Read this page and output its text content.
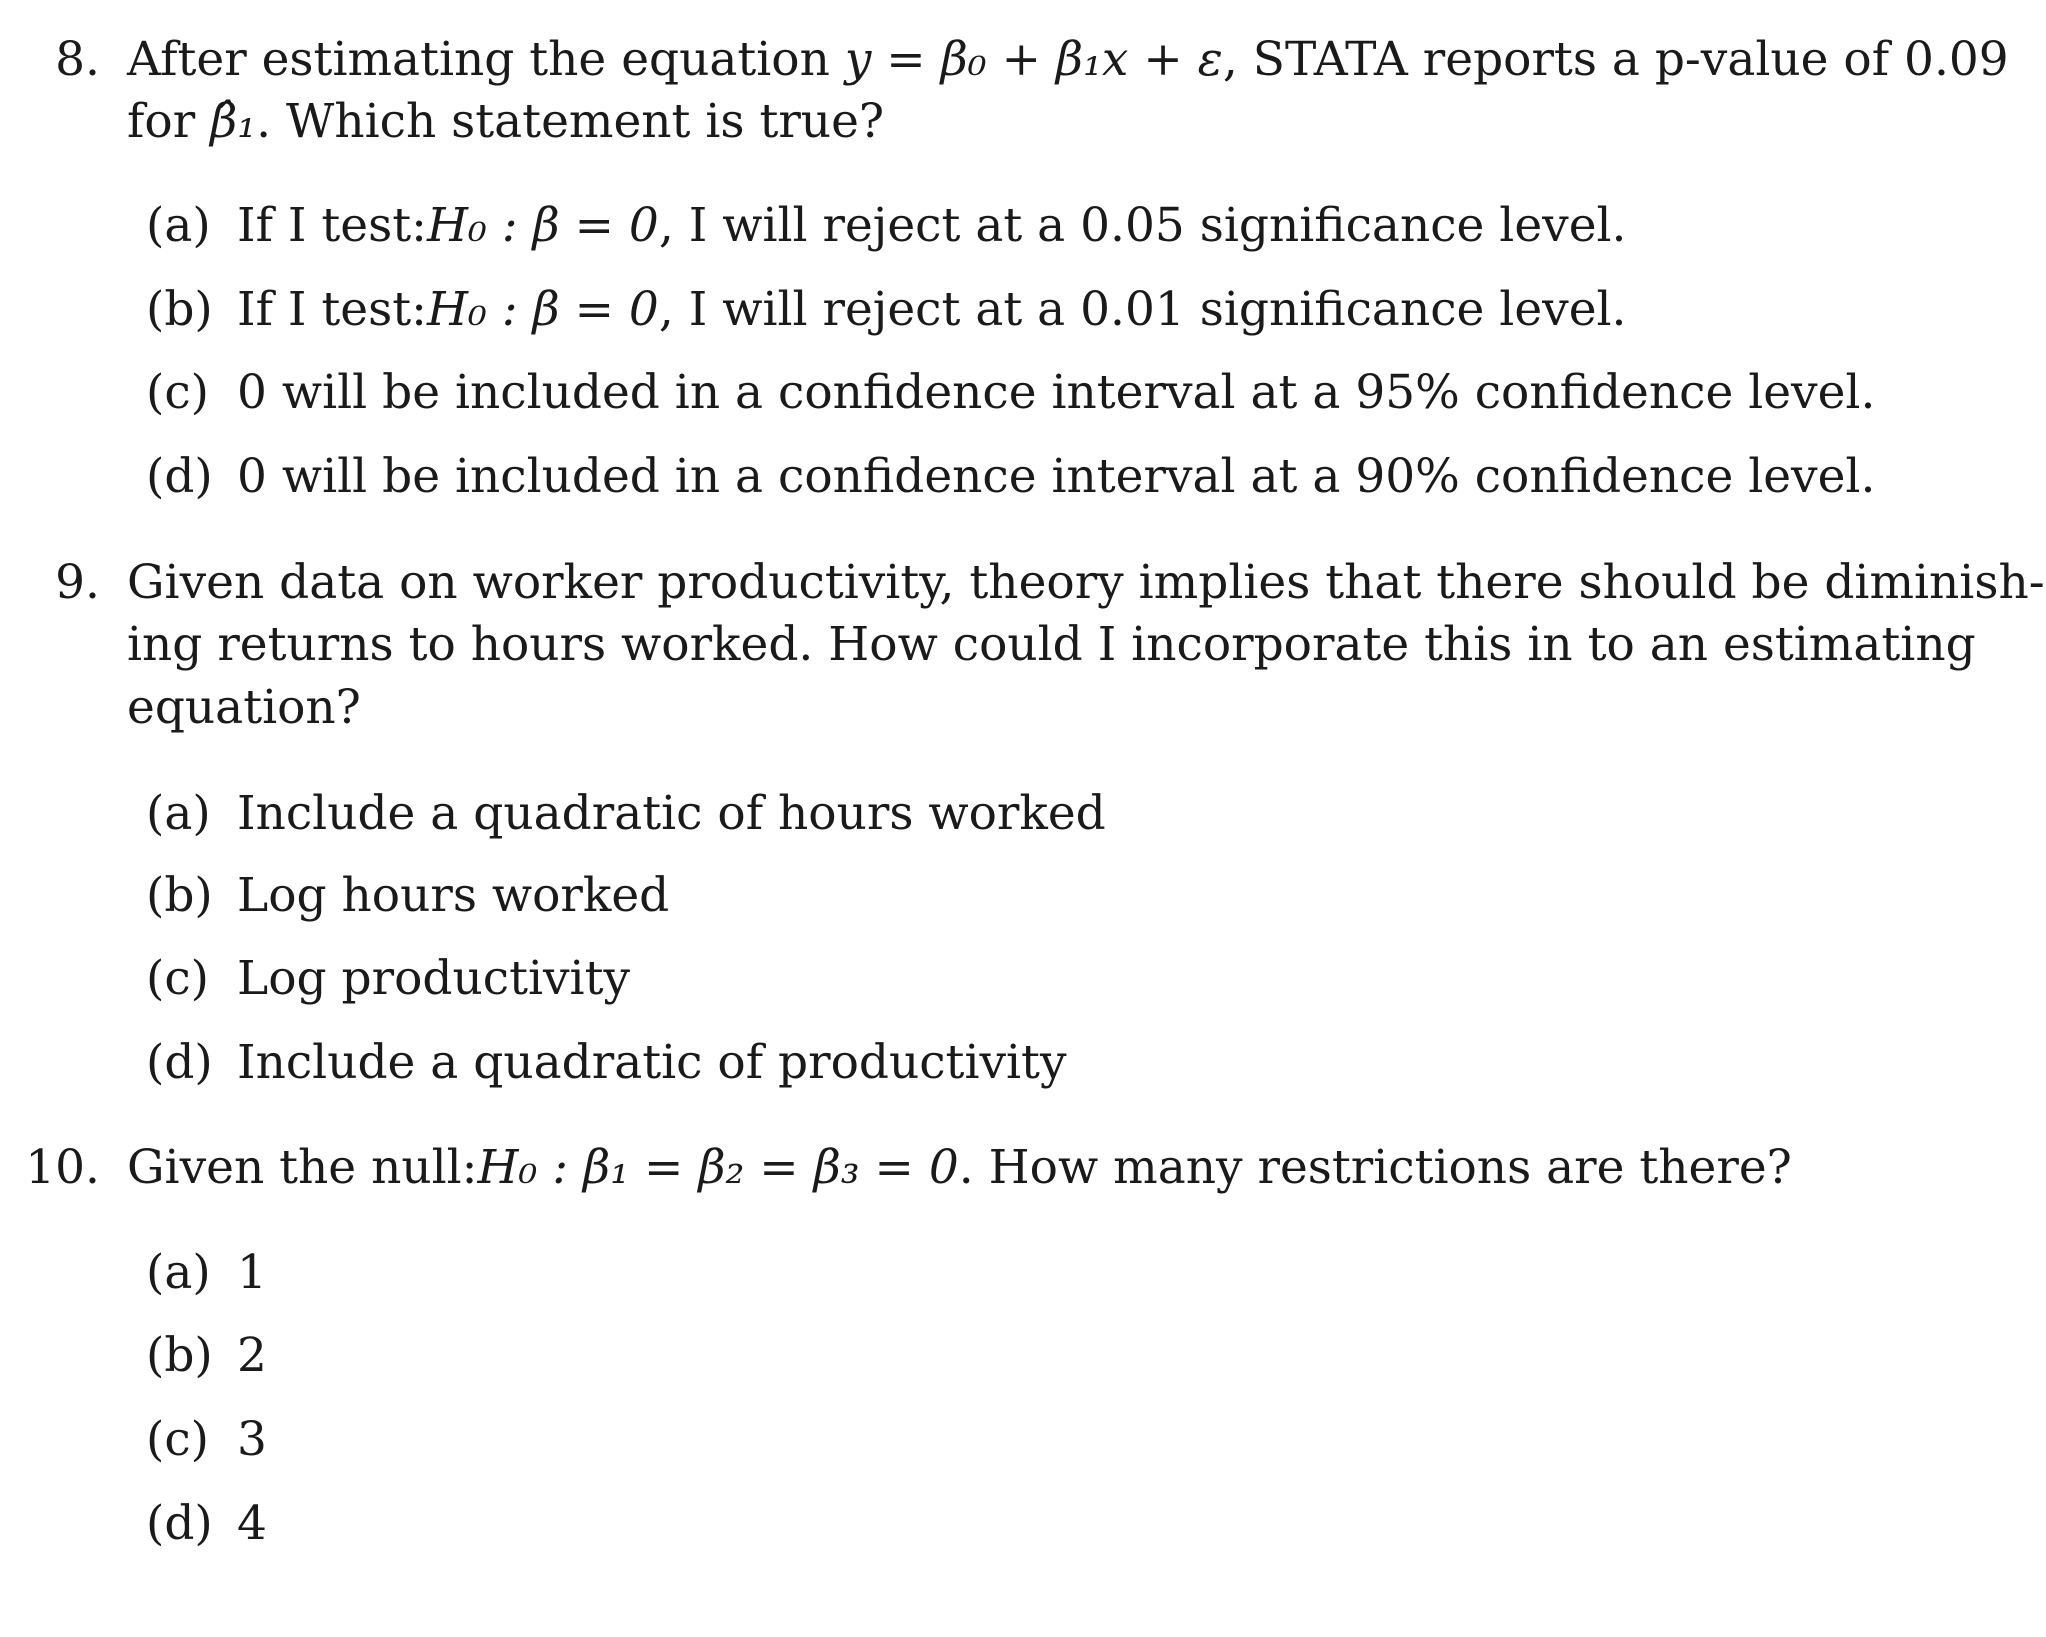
8. After estimating the equation y = β₀ + β₁x + ε, STATA reports a p-value of 0.09
for β̂₁. Which statement is true?
(a) If I test:H₀ : β = 0, I will reject at a 0.05 significance level.
(b) If I test:H₀ : β = 0, I will reject at a 0.01 significance level.
(c) 0 will be included in a confidence interval at a 95% confidence level.
(d) 0 will be included in a confidence interval at a 90% confidence level.
9. Given data on worker productivity, theory implies that there should be diminish-
ing returns to hours worked. How could I incorporate this in to an estimating
equation?
(a) Include a quadratic of hours worked
(b) Log hours worked
(c) Log productivity
(d) Include a quadratic of productivity
10. Given the null:H₀ : β₁ = β₂ = β₃ = 0. How many restrictions are there?
(a) 1
(b) 2
(c) 3
(d) 4
